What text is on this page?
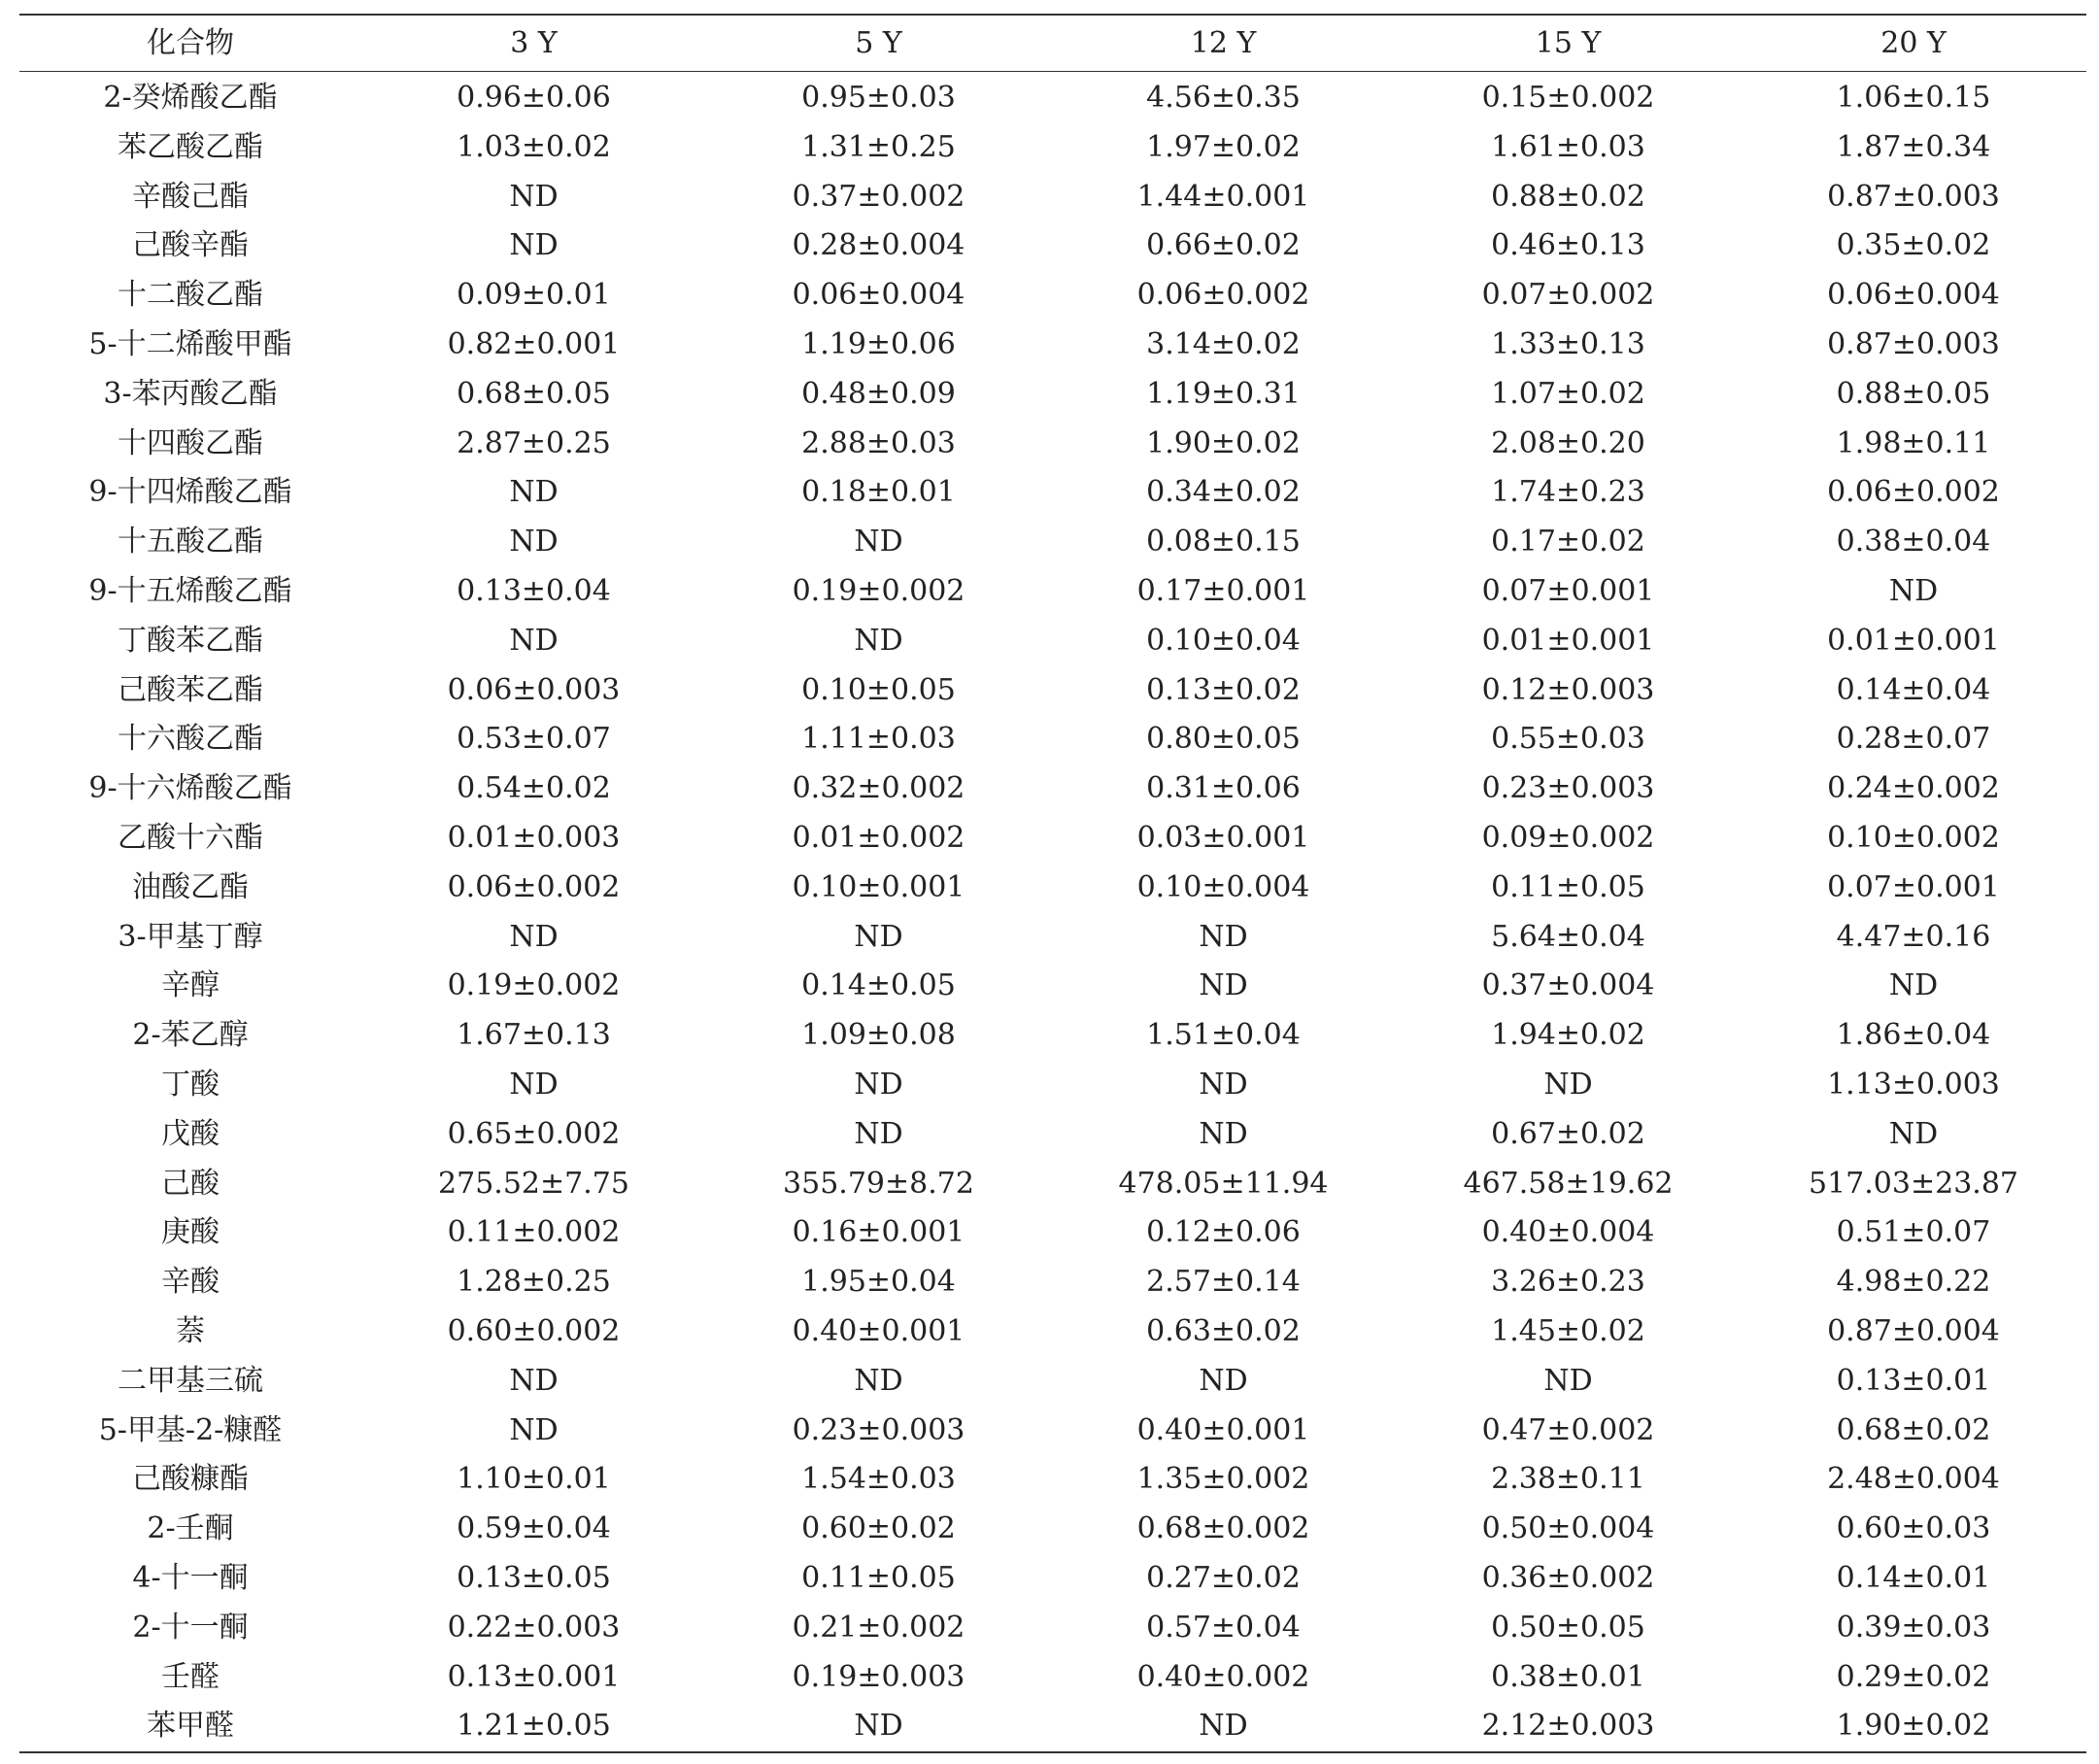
化合物	3 Y	5 Y	12 Y	15 Y	20 Y
2-癸烯酸乙酯	0.96±0.06	0.95±0.03	4.56±0.35	0.15±0.002	1.06±0.15
苯乙酸乙酯	1.03±0.02	1.31±0.25	1.97±0.02	1.61±0.03	1.87±0.34
辛酸己酯	ND	0.37±0.002	1.44±0.001	0.88±0.02	0.87±0.003
己酸辛酯	ND	0.28±0.004	0.66±0.02	0.46±0.13	0.35±0.02
十二酸乙酯	0.09±0.01	0.06±0.004	0.06±0.002	0.07±0.002	0.06±0.004
5-十二烯酸甲酯	0.82±0.001	1.19±0.06	3.14±0.02	1.33±0.13	0.87±0.003
3-苯丙酸乙酯	0.68±0.05	0.48±0.09	1.19±0.31	1.07±0.02	0.88±0.05
十四酸乙酯	2.87±0.25	2.88±0.03	1.90±0.02	2.08±0.20	1.98±0.11
9-十四烯酸乙酯	ND	0.18±0.01	0.34±0.02	1.74±0.23	0.06±0.002
十五酸乙酯	ND	ND	0.08±0.15	0.17±0.02	0.38±0.04
9-十五烯酸乙酯	0.13±0.04	0.19±0.002	0.17±0.001	0.07±0.001	ND
丁酸苯乙酯	ND	ND	0.10±0.04	0.01±0.001	0.01±0.001
己酸苯乙酯	0.06±0.003	0.10±0.05	0.13±0.02	0.12±0.003	0.14±0.04
十六酸乙酯	0.53±0.07	1.11±0.03	0.80±0.05	0.55±0.03	0.28±0.07
9-十六烯酸乙酯	0.54±0.02	0.32±0.002	0.31±0.06	0.23±0.003	0.24±0.002
乙酸十六酯	0.01±0.003	0.01±0.002	0.03±0.001	0.09±0.002	0.10±0.002
油酸乙酯	0.06±0.002	0.10±0.001	0.10±0.004	0.11±0.05	0.07±0.001
3-甲基丁醇	ND	ND	ND	5.64±0.04	4.47±0.16
辛醇	0.19±0.002	0.14±0.05	ND	0.37±0.004	ND
2-苯乙醇	1.67±0.13	1.09±0.08	1.51±0.04	1.94±0.02	1.86±0.04
丁酸	ND	ND	ND	ND	1.13±0.003
戊酸	0.65±0.002	ND	ND	0.67±0.02	ND
己酸	275.52±7.75	355.79±8.72	478.05±11.94	467.58±19.62	517.03±23.87
庚酸	0.11±0.002	0.16±0.001	0.12±0.06	0.40±0.004	0.51±0.07
辛酸	1.28±0.25	1.95±0.04	2.57±0.14	3.26±0.23	4.98±0.22
萘	0.60±0.002	0.40±0.001	0.63±0.02	1.45±0.02	0.87±0.004
二甲基三硫	ND	ND	ND	ND	0.13±0.01
5-甲基-2-糠醛	ND	0.23±0.003	0.40±0.001	0.47±0.002	0.68±0.02
己酸糠酯	1.10±0.01	1.54±0.03	1.35±0.002	2.38±0.11	2.48±0.004
2-壬酮	0.59±0.04	0.60±0.02	0.68±0.002	0.50±0.004	0.60±0.03
4-十一酮	0.13±0.05	0.11±0.05	0.27±0.02	0.36±0.002	0.14±0.01
2-十一酮	0.22±0.003	0.21±0.002	0.57±0.04	0.50±0.05	0.39±0.03
壬醛	0.13±0.001	0.19±0.003	0.40±0.002	0.38±0.01	0.29±0.02
苯甲醛	1.21±0.05	ND	ND	2.12±0.003	1.90±0.02
